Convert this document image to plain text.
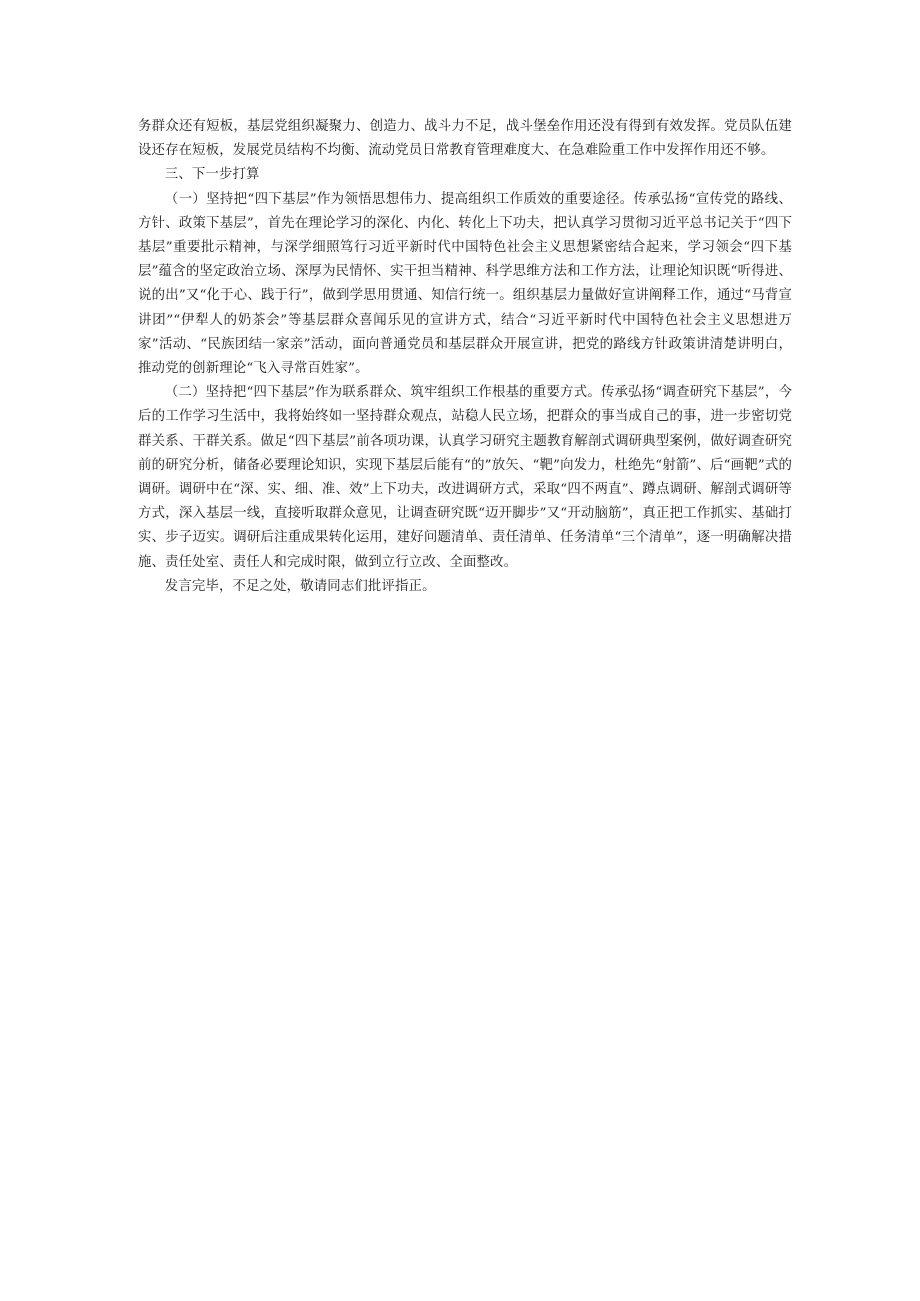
务群众还有短板，基层党组织凝聚力、创造力、战斗力不足，战斗堡垒作用还没有得到有效发挥。党员队伍建设还存在短板，发展党员结构不均衡、流动党员日常教育管理难度大、在急难险重工作中发挥作用还不够。

三、下一步打算

（一）坚持把“四下基层”作为领悟思想伟力、提高组织工作质效的重要途径。传承弘扬“宣传党的路线、方针、政策下基层”，首先在理论学习的深化、内化、转化上下功夫，把认真学习贯彻习近平总书记关于“四下基层”重要批示精神，与深学细照笃行习近平新时代中国特色社会主义思想紧密结合起来，学习领会“四下基层”蕴含的坚定政治立场、深厚为民情怀、实干担当精神、科学思维方法和工作方法，让理论知识既“听得进、说的出”又“化于心、践于行”，做到学思用贯通、知信行统一。组织基层力量做好宣讲阐释工作，通过“马背宣讲团”“伊犁人的奶茶会”等基层群众喜闻乐见的宣讲方式，结合“习近平新时代中国特色社会主义思想进万家”活动、“民族团结一家亲”活动，面向普通党员和基层群众开展宣讲，把党的路线方针政策讲清楚讲明白，推动党的创新理论“飞入寻常百姓家”。

（二）坚持把“四下基层”作为联系群众、筑牢组织工作根基的重要方式。传承弘扬“调查研究下基层”，今后的工作学习生活中，我将始终如一坚持群众观点，站稳人民立场，把群众的事当成自己的事，进一步密切党群关系、干群关系。做足“四下基层”前各项功课，认真学习研究主题教育解剖式调研典型案例，做好调查研究前的研究分析，储备必要理论知识，实现下基层后能有“的”放矢、“靶”向发力，杜绝先“射箭”、后“画靶”式的调研。调研中在“深、实、细、准、效”上下功夫，改进调研方式，采取“四不两直”、蹲点调研、解剖式调研等方式，深入基层一线，直接听取群众意见，让调查研究既“迈开脚步”又“开动脑筋”，真正把工作抓实、基础打实、步子迈实。调研后注重成果转化运用，建好问题清单、责任清单、任务清单“三个清单”，逐一明确解决措施、责任处室、责任人和完成时限，做到立行立改、全面整改。

发言完毕，不足之处，敬请同志们批评指正。
